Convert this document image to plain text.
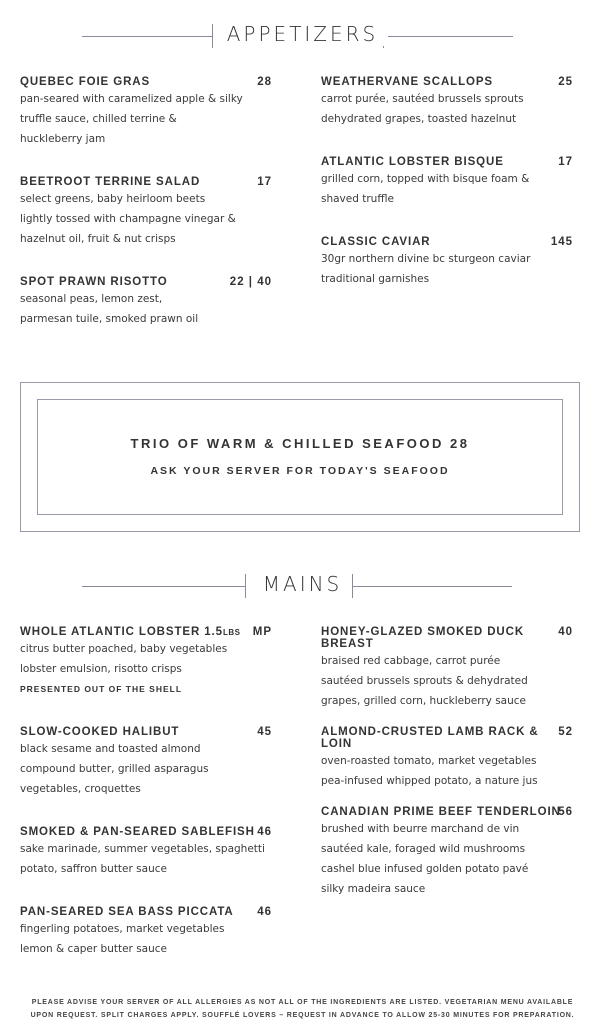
APPETIZERS
QUEBEC FOIE GRAS	28
pan-seared with caramelized apple & silky
truffle sauce, chilled terrine &
huckleberry jam
BEETROOT TERRINE SALAD	17
select greens, baby heirloom beets
lightly tossed with champagne vinegar &
hazelnut oil, fruit & nut crisps
SPOT PRAWN RISOTTO	22 | 40
seasonal peas, lemon zest,
parmesan tuile, smoked prawn oil
WEATHERVANE SCALLOPS	25
carrot purée, sautéed brussels sprouts
dehydrated grapes, toasted hazelnut
ATLANTIC LOBSTER BISQUE	17
grilled corn, topped with bisque foam &
shaved truffle
CLASSIC CAVIAR	145
30gr northern divine bc sturgeon caviar
traditional garnishes
TRIO OF WARM & CHILLED SEAFOOD 28
ASK YOUR SERVER FOR TODAY'S SEAFOOD
MAINS
WHOLE ATLANTIC LOBSTER 1.5LBS	MP
citrus butter poached, baby vegetables
lobster emulsion, risotto crisps
PRESENTED OUT OF THE SHELL
SLOW-COOKED HALIBUT	45
black sesame and toasted almond
compound butter, grilled asparagus
vegetables, croquettes
SMOKED & PAN-SEARED SABLEFISH 46
sake marinade, summer vegetables, spaghetti
potato, saffron butter sauce
PAN-SEARED SEA BASS PICCATA	46
fingerling potatoes, market vegetables
lemon & caper butter sauce
HONEY-GLAZED SMOKED DUCK BREAST
40
braised red cabbage, carrot purée
sautéed brussels sprouts & dehydrated
grapes, grilled corn, huckleberry sauce
ALMOND-CRUSTED LAMB RACK & LOIN
52
oven-roasted tomato, market vegetables
pea-infused whipped potato, a nature jus
CANADIAN PRIME BEEF TENDERLOIN
56
brushed with beurre marchand de vin
sautéed kale, foraged wild mushrooms
cashel blue infused golden potato pavé
silky madeira sauce
PLEASE ADVISE YOUR SERVER OF ALL ALLERGIES AS NOT ALL OF THE INGREDIENTS ARE LISTED. VEGETARIAN MENU AVAILABLE
UPON REQUEST. SPLIT CHARGES APPLY. SOUFFLÉ LOVERS – REQUEST IN ADVANCE TO ALLOW 25-30 MINUTES FOR PREPARATION.
